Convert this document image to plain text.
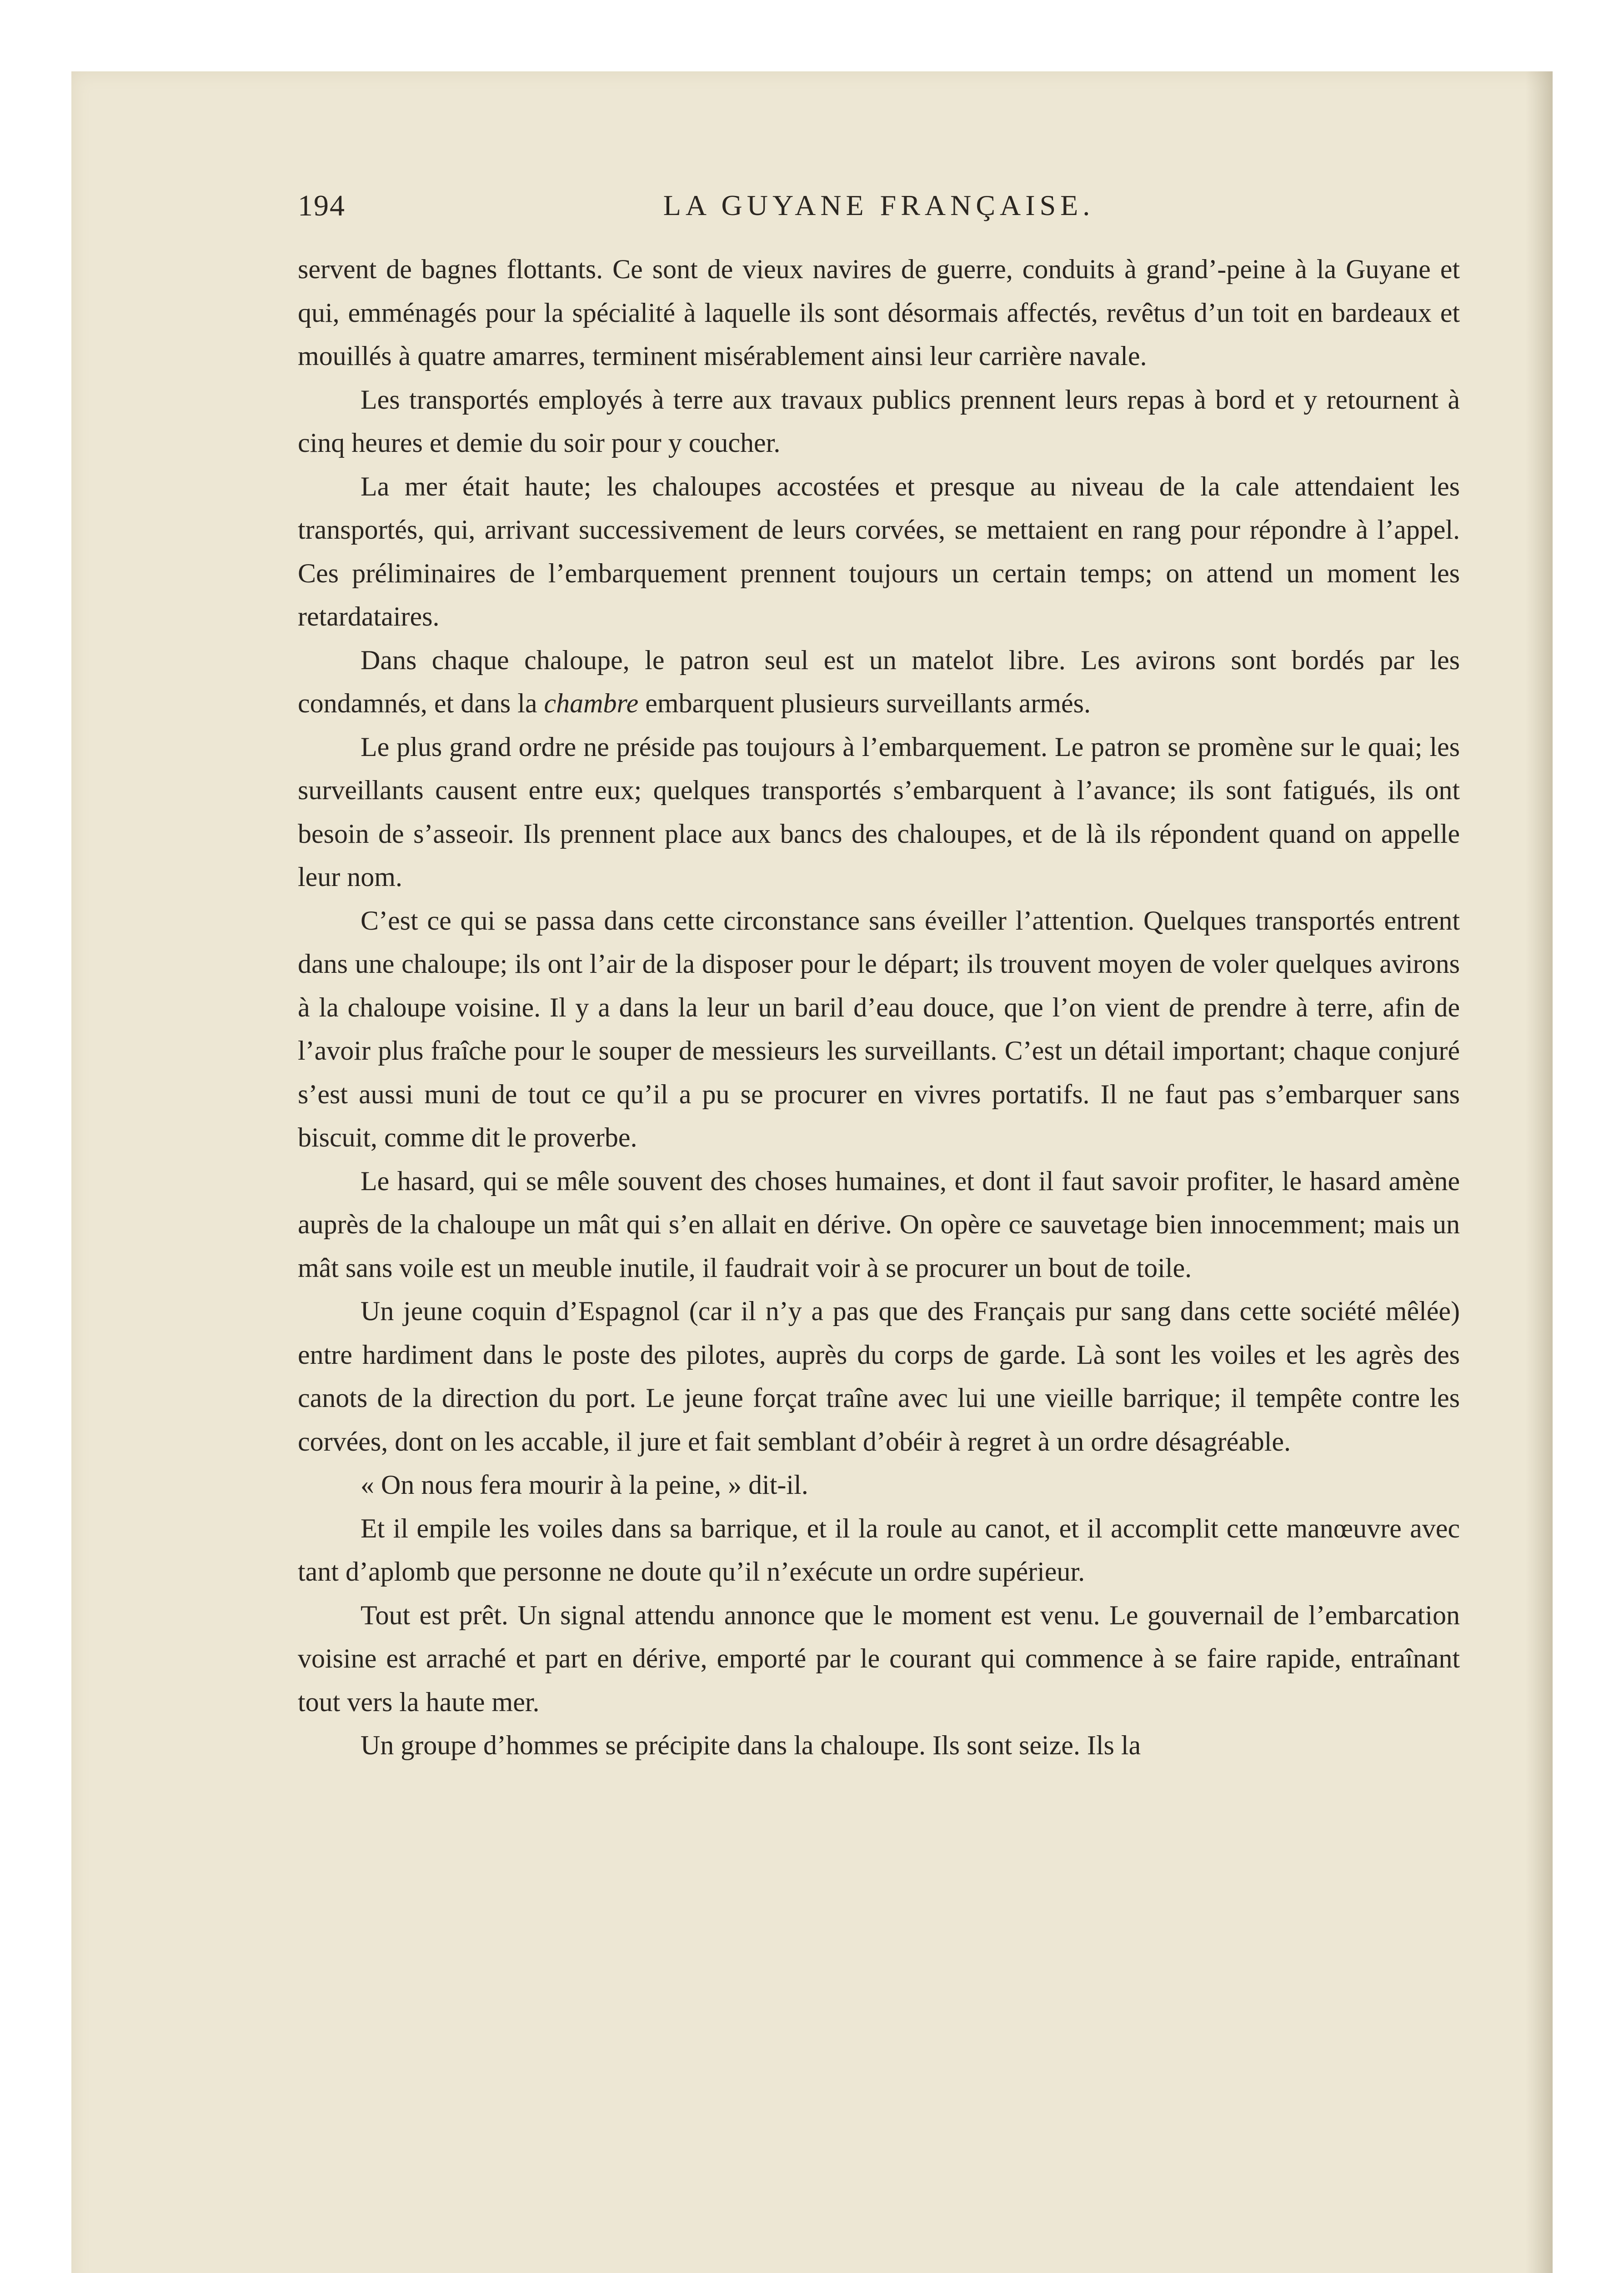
194	LA GUYANE FRANÇAISE.

servent de bagnes flottants. Ce sont de vieux navires de guerre, conduits à grand’-peine à la Guyane et qui, emménagés pour la spécialité à laquelle ils sont désormais affectés, revêtus d’un toit en bardeaux et mouillés à quatre amarres, terminent misérablement ainsi leur carrière navale.

Les transportés employés à terre aux travaux publics prennent leurs repas à bord et y retournent à cinq heures et demie du soir pour y coucher.

La mer était haute; les chaloupes accostées et presque au niveau de la cale attendaient les transportés, qui, arrivant successivement de leurs corvées, se mettaient en rang pour répondre à l’appel. Ces préliminaires de l’embarquement prennent toujours un certain temps; on attend un moment les retardataires.

Dans chaque chaloupe, le patron seul est un matelot libre. Les avirons sont bordés par les condamnés, et dans la chambre embarquent plusieurs surveillants armés.

Le plus grand ordre ne préside pas toujours à l’embarquement. Le patron se promène sur le quai; les surveillants causent entre eux; quelques transportés s’embarquent à l’avance; ils sont fatigués, ils ont besoin de s’asseoir. Ils prennent place aux bancs des chaloupes, et de là ils répondent quand on appelle leur nom.

C’est ce qui se passa dans cette circonstance sans éveiller l’attention. Quelques transportés entrent dans une chaloupe; ils ont l’air de la disposer pour le départ; ils trouvent moyen de voler quelques avirons à la chaloupe voisine. Il y a dans la leur un baril d’eau douce, que l’on vient de prendre à terre, afin de l’avoir plus fraîche pour le souper de messieurs les surveillants. C’est un détail important; chaque conjuré s’est aussi muni de tout ce qu’il a pu se procurer en vivres portatifs. Il ne faut pas s’embarquer sans biscuit, comme dit le proverbe.

Le hasard, qui se mêle souvent des choses humaines, et dont il faut savoir profiter, le hasard amène auprès de la chaloupe un mât qui s’en allait en dérive. On opère ce sauvetage bien innocemment; mais un mât sans voile est un meuble inutile, il faudrait voir à se procurer un bout de toile.

Un jeune coquin d’Espagnol (car il n’y a pas que des Français pur sang dans cette société mêlée) entre hardiment dans le poste des pilotes, auprès du corps de garde. Là sont les voiles et les agrès des canots de la direction du port. Le jeune forçat traîne avec lui une vieille barrique; il tempête contre les corvées, dont on les accable, il jure et fait semblant d’obéir à regret à un ordre désagréable.

« On nous fera mourir à la peine, » dit-il.

Et il empile les voiles dans sa barrique, et il la roule au canot, et il accomplit cette manœuvre avec tant d’aplomb que personne ne doute qu’il n’exécute un ordre supérieur.

Tout est prêt. Un signal attendu annonce que le moment est venu. Le gouvernail de l’embarcation voisine est arraché et part en dérive, emporté par le courant qui commence à se faire rapide, entraînant tout vers la haute mer.

Un groupe d’hommes se précipite dans la chaloupe. Ils sont seize. Ils la
